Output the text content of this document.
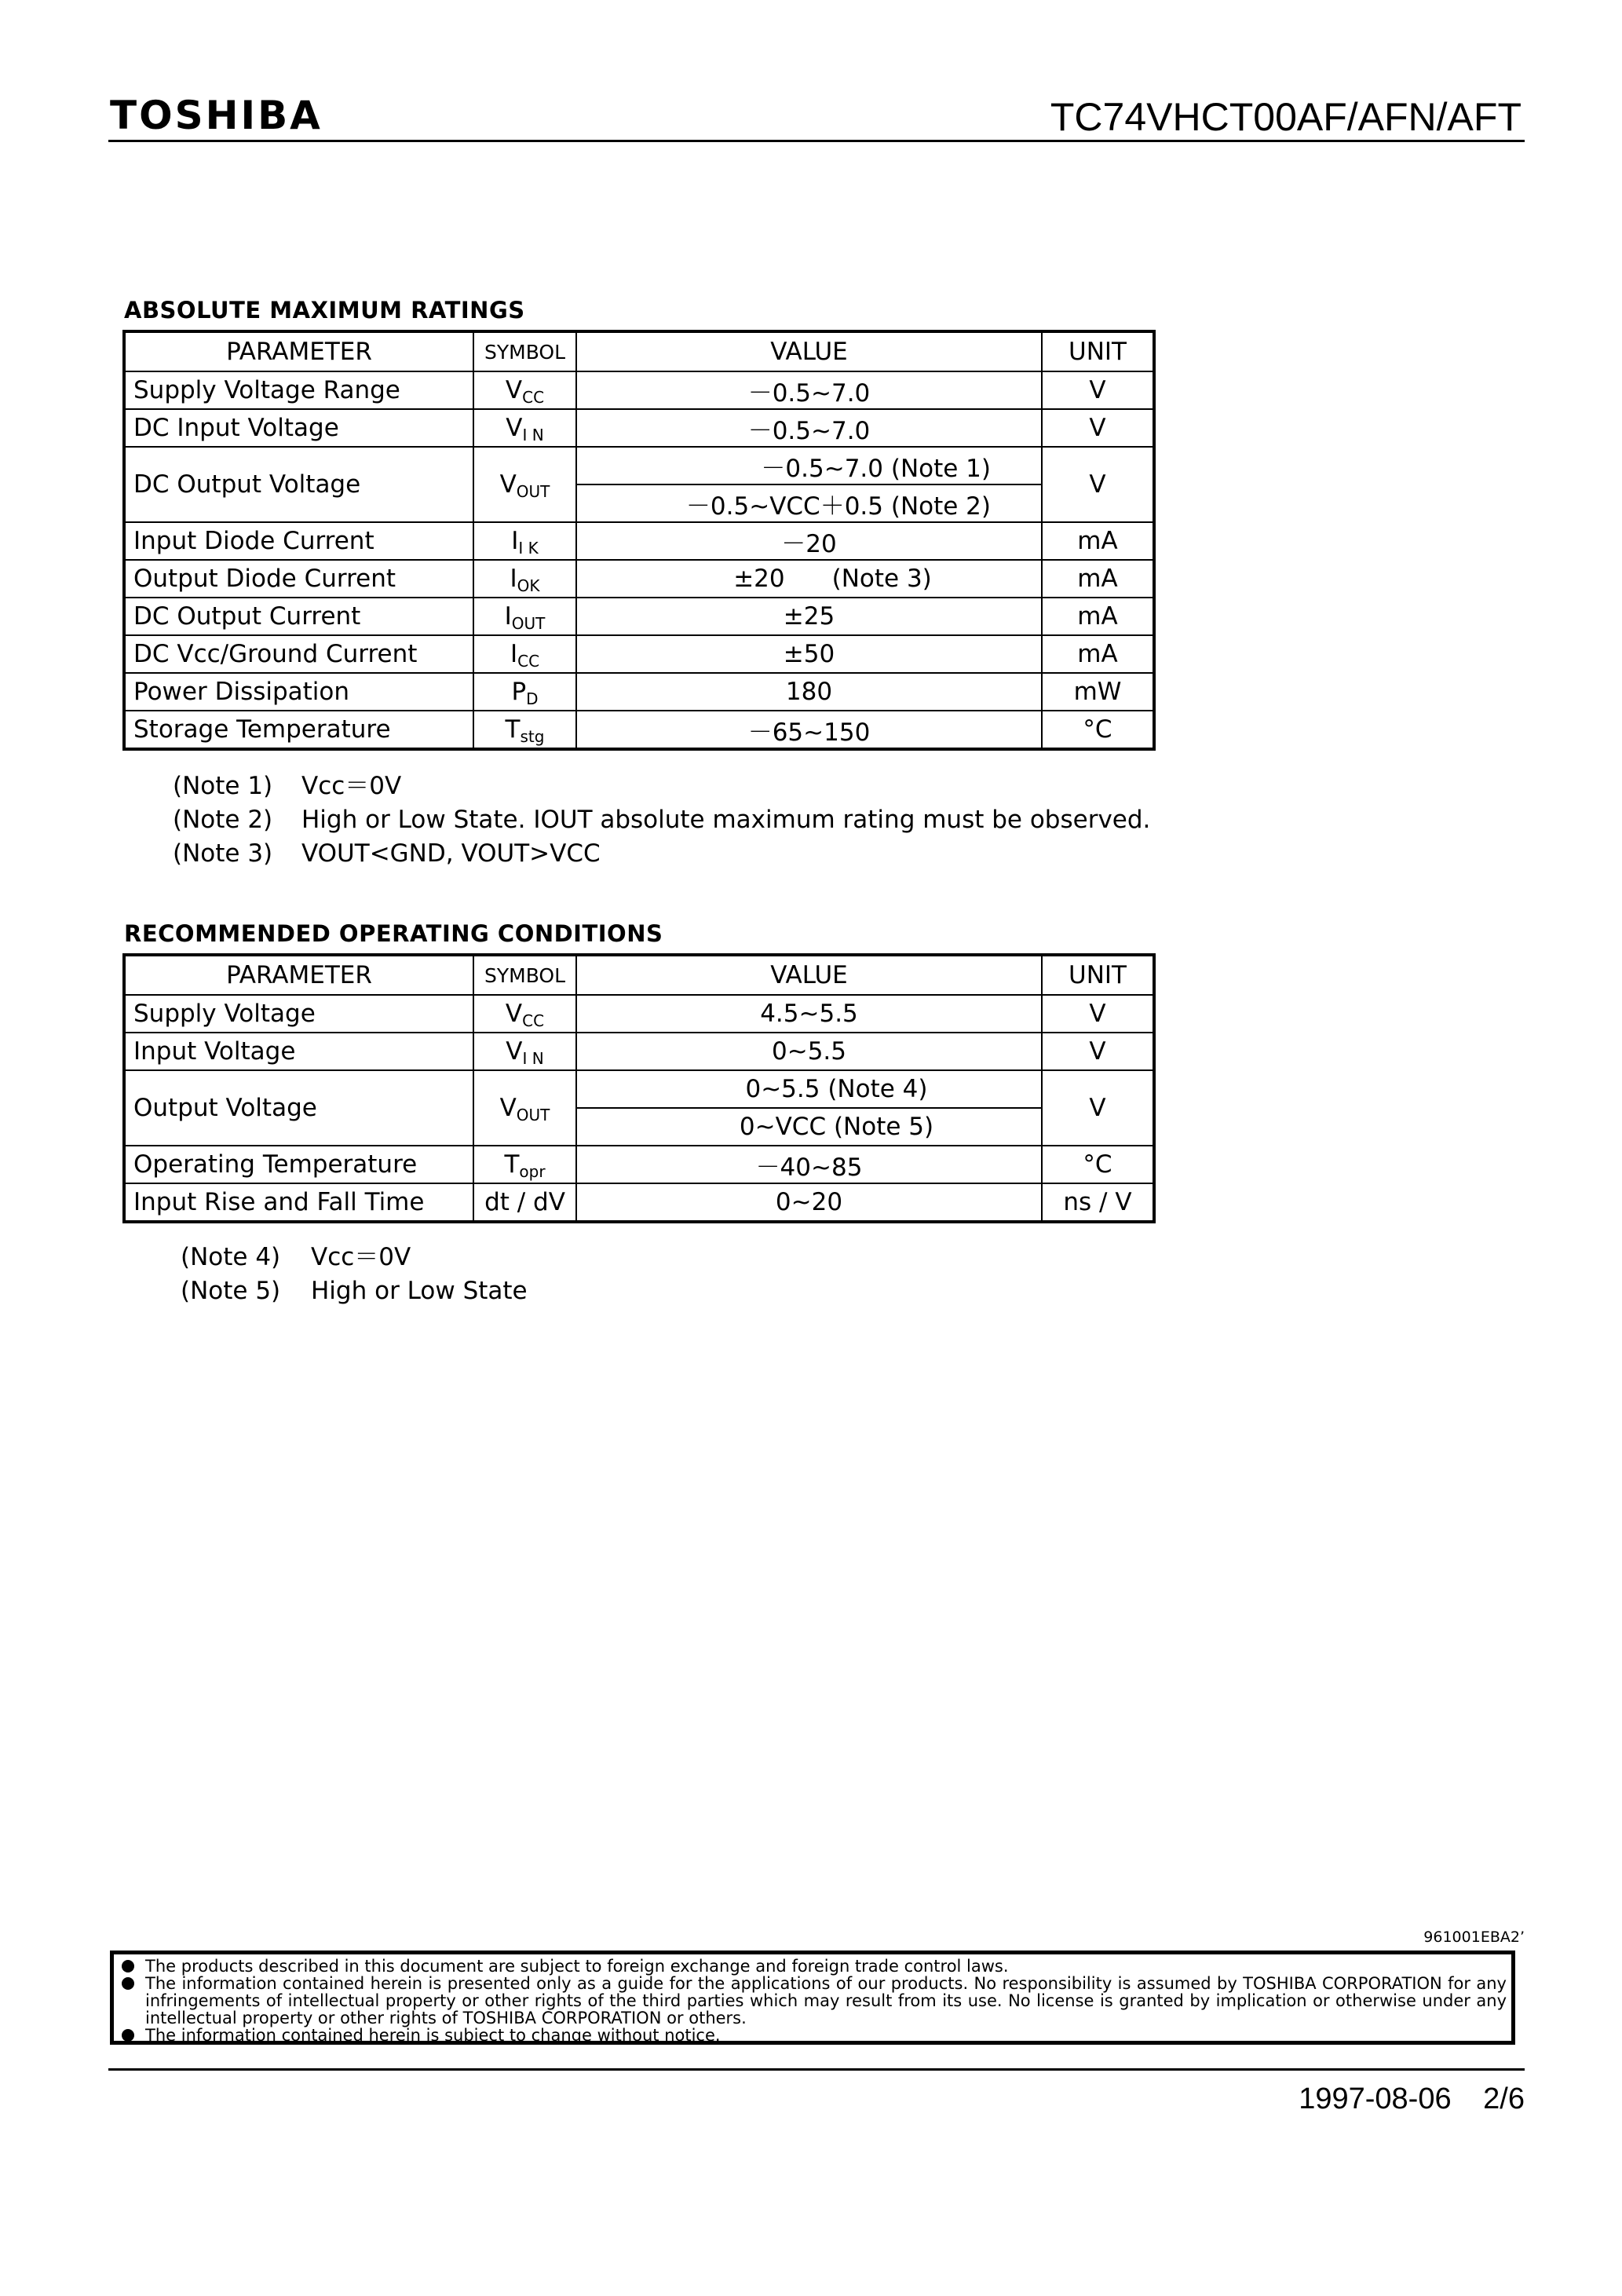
TOSHIBA	TC74VHCT00AF/AFN/AFT
ABSOLUTE MAXIMUM RATINGS
PARAMETER	SYMBOL	VALUE	UNIT
Supply Voltage Range	$V_{CC}$	－0.5~7.0	V
DC Input Voltage	$V_{I N}$	－0.5~7.0	V
DC Output Voltage	$V_{OUT}$	－0.5~7.0 (Note 1)	V
		－0.5~VCC＋0.5 (Note 2)	
Input Diode Current	$I_{I K}$	－20	mA
Output Diode Current	$I_{OK}$	±20 (Note 3)	mA
DC Output Current	$I_{OUT}$	±25	mA
DC Vcc/Ground Current	$I_{CC}$	±50	mA
Power Dissipation	$P_D$	180	mW
Storage Temperature	$T_{stg}$	－65~150	°C
(Note 1) Vcc＝0V
(Note 2) High or Low State. IOUT absolute maximum rating must be observed.
(Note 3) VOUT<GND, VOUT>VCC
RECOMMENDED OPERATING CONDITIONS
PARAMETER	SYMBOL	VALUE	UNIT
Supply Voltage	$V_{CC}$	4.5~5.5	V
Input Voltage	$V_{I N}$	0~5.5	V
Output Voltage	$V_{OUT}$	0~5.5 (Note 4)	V
		0~VCC (Note 5)	
Operating Temperature	$T_{opr}$	－40~85	°C
Input Rise and Fall Time	dt / dV	0~20	ns / V
(Note 4) Vcc＝0V
(Note 5) High or Low State
961001EBA2’
The products described in this document are subject to foreign exchange and foreign trade control laws.
The information contained herein is presented only as a guide for the applications of our products. No responsibility is assumed by TOSHIBA CORPORATION for any infringements of intellectual property or other rights of the third parties which may result from its use. No license is granted by implication or otherwise under any intellectual property or other rights of TOSHIBA CORPORATION or others.
The information contained herein is subject to change without notice.
1997-08-06 2/6
